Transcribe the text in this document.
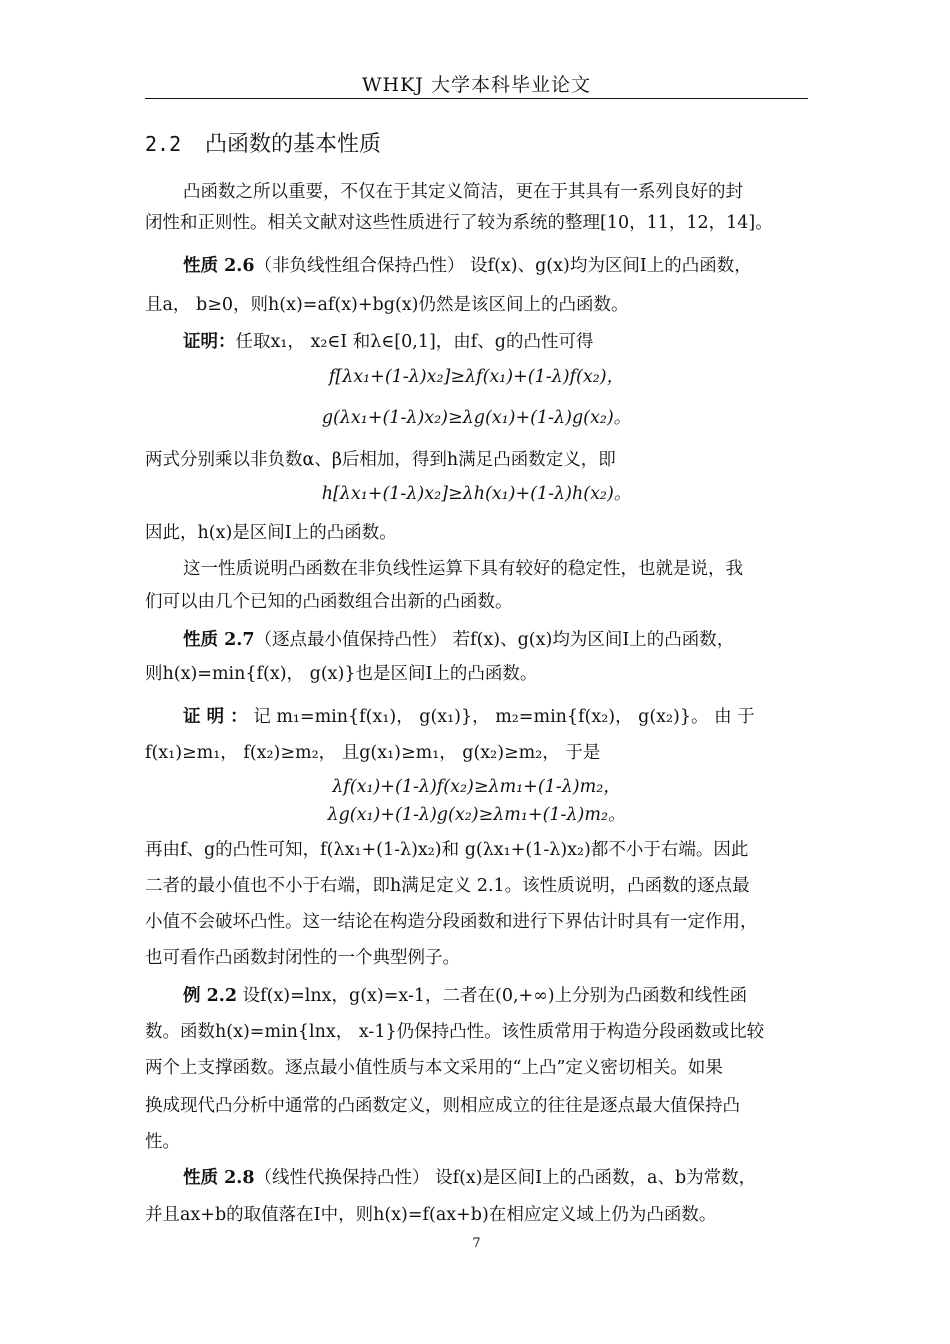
WHKJ 大学本科毕业论文
2.2 凸函数的基本性质
凸函数之所以重要，不仅在于其定义简洁，更在于其具有一系列良好的封
闭性和正则性。相关文献对这些性质进行了较为系统的整理[10，11，12，14]。
性质 2.6（非负线性组合保持凸性） 设f(x)、g(x)均为区间I上的凸函数，
且a， b≥0，则h(x)=af(x)+bg(x)仍然是该区间上的凸函数。
证明：任取x₁， x₂∈I 和λ∈[0,1]，由f、g的凸性可得
f[λx₁+(1-λ)x₂]≥λf(x₁)+(1-λ)f(x₂)，
g(λx₁+(1-λ)x₂)≥λg(x₁)+(1-λ)g(x₂)。
两式分别乘以非负数α、β后相加，得到h满足凸函数定义，即
h[λx₁+(1-λ)x₂]≥λh(x₁)+(1-λ)h(x₂)。
因此，h(x)是区间I上的凸函数。
这一性质说明凸函数在非负线性运算下具有较好的稳定性，也就是说，我
们可以由几个已知的凸函数组合出新的凸函数。
性质 2.7（逐点最小值保持凸性） 若f(x)、g(x)均为区间I上的凸函数，
则h(x)=min{f(x)， g(x)}也是区间I上的凸函数。
证 明 ： 记 m₁=min{f(x₁)， g(x₁)}， m₂=min{f(x₂)， g(x₂)}。 由 于
f(x₁)≥m₁， f(x₂)≥m₂， 且g(x₁)≥m₁， g(x₂)≥m₂， 于是
λf(x₁)+(1-λ)f(x₂)≥λm₁+(1-λ)m₂，
λg(x₁)+(1-λ)g(x₂)≥λm₁+(1-λ)m₂。
再由f、g的凸性可知，f(λx₁+(1-λ)x₂)和 g(λx₁+(1-λ)x₂)都不小于右端。因此
二者的最小值也不小于右端，即h满足定义 2.1。该性质说明，凸函数的逐点最
小值不会破坏凸性。这一结论在构造分段函数和进行下界估计时具有一定作用，
也可看作凸函数封闭性的一个典型例子。
例 2.2 设f(x)=lnx，g(x)=x-1，二者在(0,+∞)上分别为凸函数和线性函
数。函数h(x)=min{lnx， x-1}仍保持凸性。该性质常用于构造分段函数或比较
两个上支撑函数。逐点最小值性质与本文采用的“上凸”定义密切相关。如果
换成现代凸分析中通常的凸函数定义，则相应成立的往往是逐点最大值保持凸
性。
性质 2.8（线性代换保持凸性） 设f(x)是区间I上的凸函数，a、b为常数，
并且ax+b的取值落在I中，则h(x)=f(ax+b)在相应定义域上仍为凸函数。
7
